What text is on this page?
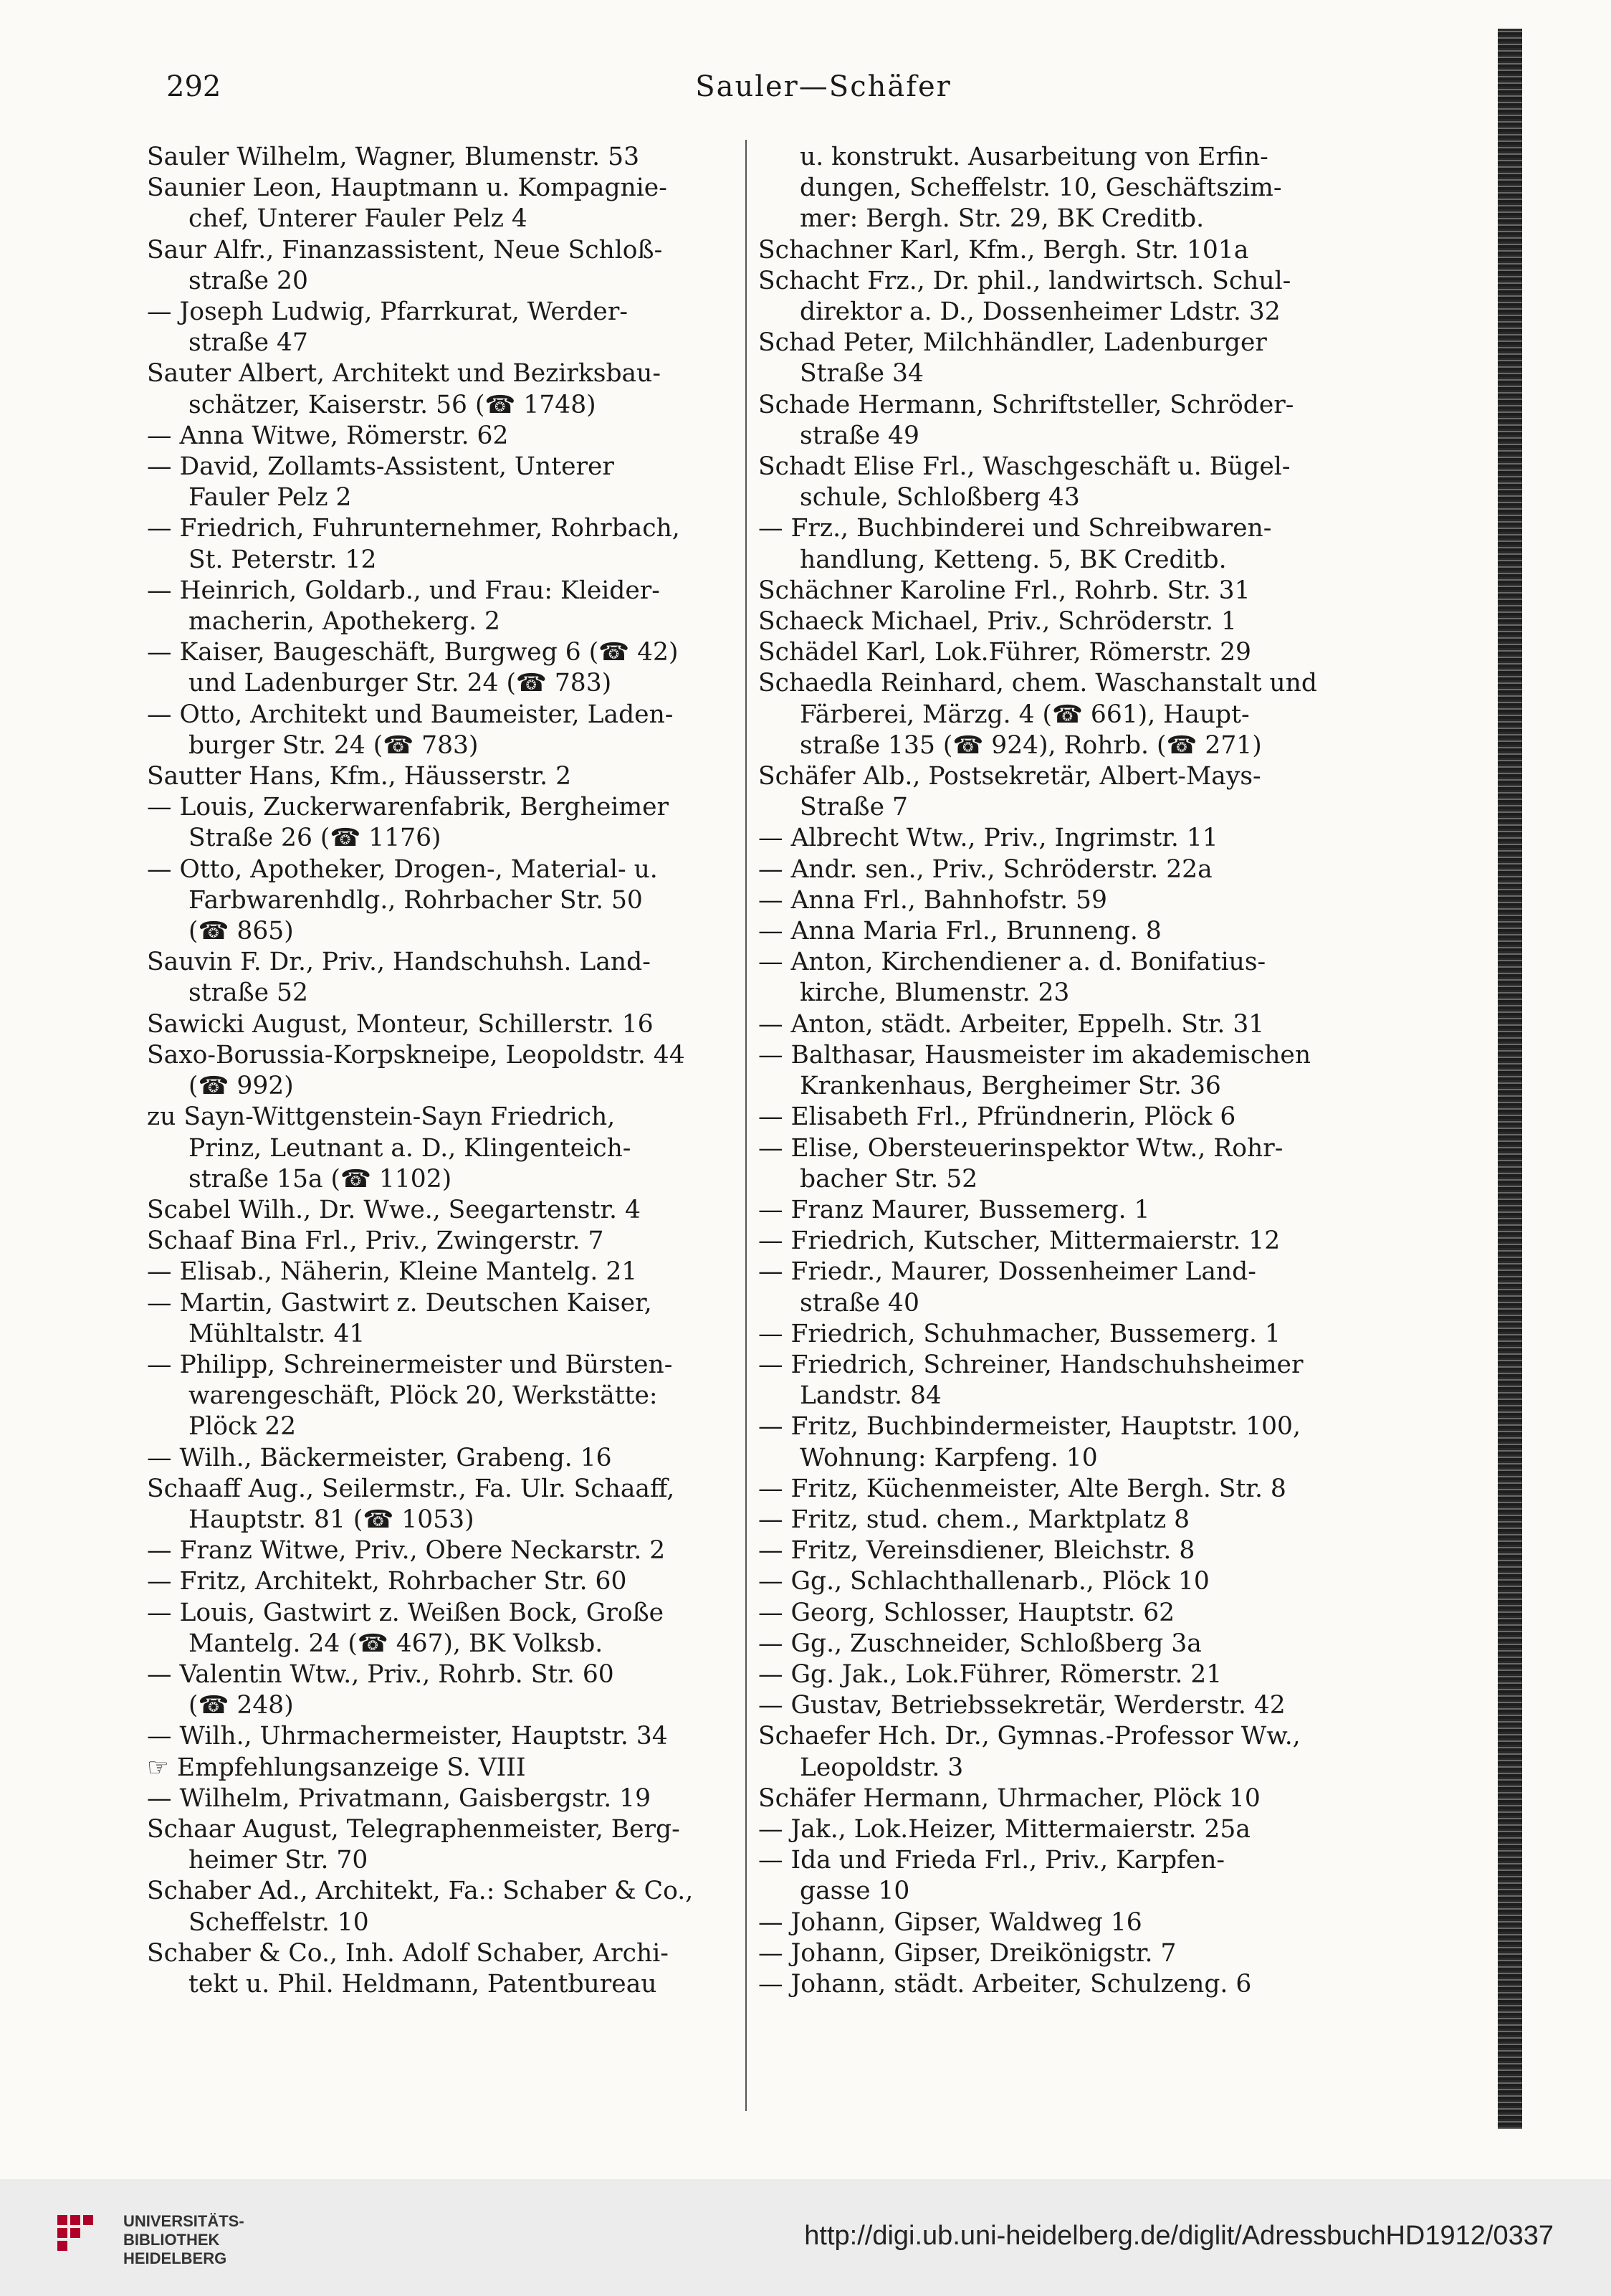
292	Sauler—Schäfer
Sauler Wilhelm, Wagner, Blumenstr. 53
Saunier Leon, Hauptmann u. Kompagnie-
chef, Unterer Fauler Pelz 4
Saur Alfr., Finanzassistent, Neue Schloß-
straße 20
— Joseph Ludwig, Pfarrkurat, Werder-
straße 47
Sauter Albert, Architekt und Bezirksbau-
schätzer, Kaiserstr. 56 (☎ 1748)
— Anna Witwe, Römerstr. 62
— David, Zollamts-Assistent, Unterer
Fauler Pelz 2
— Friedrich, Fuhrunternehmer, Rohrbach,
St. Peterstr. 12
— Heinrich, Goldarb., und Frau: Kleider-
macherin, Apothekerg. 2
— Kaiser, Baugeschäft, Burgweg 6 (☎ 42)
und Ladenburger Str. 24 (☎ 783)
— Otto, Architekt und Baumeister, Laden-
burger Str. 24 (☎ 783)
Sautter Hans, Kfm., Häusserstr. 2
— Louis, Zuckerwarenfabrik, Bergheimer
Straße 26 (☎ 1176)
— Otto, Apotheker, Drogen-, Material- u.
Farbwarenhdlg., Rohrbacher Str. 50
(☎ 865)
Sauvin F. Dr., Priv., Handschuhsh. Land-
straße 52
Sawicki August, Monteur, Schillerstr. 16
Saxo-Borussia-Korpskneipe, Leopoldstr. 44
(☎ 992)
zu Sayn-Wittgenstein-Sayn Friedrich,
Prinz, Leutnant a. D., Klingenteich-
straße 15a (☎ 1102)
Scabel Wilh., Dr. Wwe., Seegartenstr. 4
Schaaf Bina Frl., Priv., Zwingerstr. 7
— Elisab., Näherin, Kleine Mantelg. 21
— Martin, Gastwirt z. Deutschen Kaiser,
Mühltalstr. 41
— Philipp, Schreinermeister und Bürsten-
warengeschäft, Plöck 20, Werkstätte:
Plöck 22
— Wilh., Bäckermeister, Grabeng. 16
Schaaff Aug., Seilermstr., Fa. Ulr. Schaaff,
Hauptstr. 81 (☎ 1053)
— Franz Witwe, Priv., Obere Neckarstr. 2
— Fritz, Architekt, Rohrbacher Str. 60
— Louis, Gastwirt z. Weißen Bock, Große
Mantelg. 24 (☎ 467), BK Volksb.
— Valentin Wtw., Priv., Rohrb. Str. 60
(☎ 248)
— Wilh., Uhrmachermeister, Hauptstr. 34
☞ Empfehlungsanzeige S. VIII
— Wilhelm, Privatmann, Gaisbergstr. 19
Schaar August, Telegraphenmeister, Berg-
heimer Str. 70
Schaber Ad., Architekt, Fa.: Schaber & Co.,
Scheffelstr. 10
Schaber & Co., Inh. Adolf Schaber, Archi-
tekt u. Phil. Heldmann, Patentbureau
u. konstrukt. Ausarbeitung von Erfin-
dungen, Scheffelstr. 10, Geschäftszim-
mer: Bergh. Str. 29, BK Creditb.
Schachner Karl, Kfm., Bergh. Str. 101a
Schacht Frz., Dr. phil., landwirtsch. Schul-
direktor a. D., Dossenheimer Ldstr. 32
Schad Peter, Milchhändler, Ladenburger
Straße 34
Schade Hermann, Schriftsteller, Schröder-
straße 49
Schadt Elise Frl., Waschgeschäft u. Bügel-
schule, Schloßberg 43
— Frz., Buchbinderei und Schreibwaren-
handlung, Ketteng. 5, BK Creditb.
Schächner Karoline Frl., Rohrb. Str. 31
Schaeck Michael, Priv., Schröderstr. 1
Schädel Karl, Lok.Führer, Römerstr. 29
Schaedla Reinhard, chem. Waschanstalt und
Färberei, Märzg. 4 (☎ 661), Haupt-
straße 135 (☎ 924), Rohrb. (☎ 271)
Schäfer Alb., Postsekretär, Albert-Mays-
Straße 7
— Albrecht Wtw., Priv., Ingrimstr. 11
— Andr. sen., Priv., Schröderstr. 22a
— Anna Frl., Bahnhofstr. 59
— Anna Maria Frl., Brunneng. 8
— Anton, Kirchendiener a. d. Bonifatius-
kirche, Blumenstr. 23
— Anton, städt. Arbeiter, Eppelh. Str. 31
— Balthasar, Hausmeister im akademischen
Krankenhaus, Bergheimer Str. 36
— Elisabeth Frl., Pfründnerin, Plöck 6
— Elise, Obersteuerinspektor Wtw., Rohr-
bacher Str. 52
— Franz Maurer, Bussemerg. 1
— Friedrich, Kutscher, Mittermaierstr. 12
— Friedr., Maurer, Dossenheimer Land-
straße 40
— Friedrich, Schuhmacher, Bussemerg. 1
— Friedrich, Schreiner, Handschuhsheimer
Landstr. 84
— Fritz, Buchbindermeister, Hauptstr. 100,
Wohnung: Karpfeng. 10
— Fritz, Küchenmeister, Alte Bergh. Str. 8
— Fritz, stud. chem., Marktplatz 8
— Fritz, Vereinsdiener, Bleichstr. 8
— Gg., Schlachthallenarb., Plöck 10
— Georg, Schlosser, Hauptstr. 62
— Gg., Zuschneider, Schloßberg 3a
— Gg. Jak., Lok.Führer, Römerstr. 21
— Gustav, Betriebssekretär, Werderstr. 42
Schaefer Hch. Dr., Gymnas.-Professor Ww.,
Leopoldstr. 3
Schäfer Hermann, Uhrmacher, Plöck 10
— Jak., Lok.Heizer, Mittermaierstr. 25a
— Ida und Frieda Frl., Priv., Karpfen-
gasse 10
— Johann, Gipser, Waldweg 16
— Johann, Gipser, Dreikönigstr. 7
— Johann, städt. Arbeiter, Schulzeng. 6
UNIVERSITÄTS-
BIBLIOTHEK
HEIDELBERG
http://digi.ub.uni-heidelberg.de/diglit/AdressbuchHD1912/0337
